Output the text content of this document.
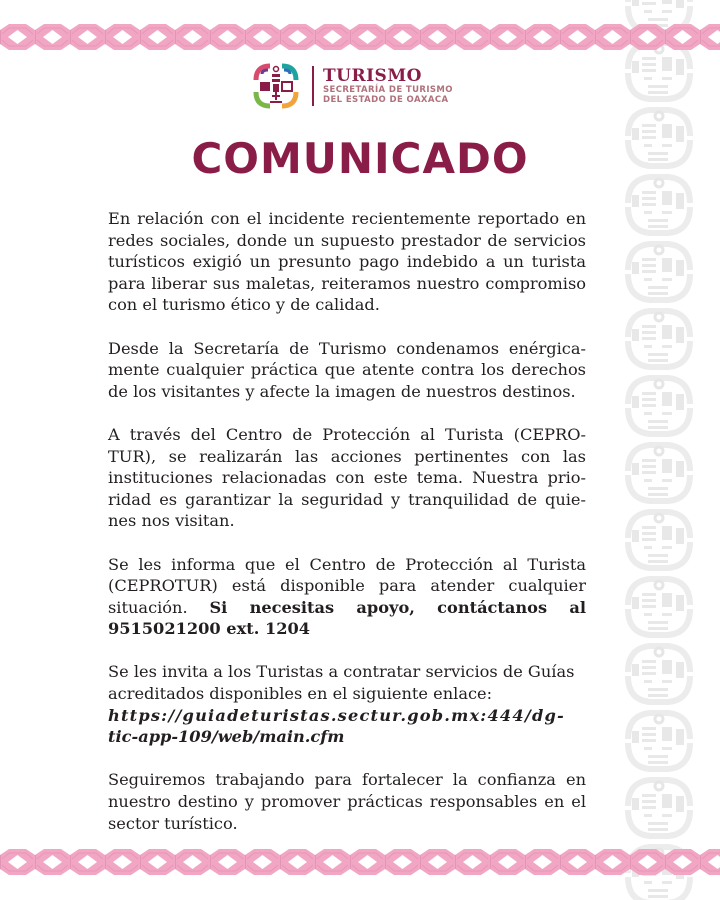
TURISMO
SECRETARÍA DE TURISMO
DEL ESTADO DE OAXACA
COMUNICADO

En relación con el incidente recientemente reportado en redes sociales, donde un supuesto prestador de servicios turísticos exigió un presunto pago indebido a un turista para liberar sus maletas, reiteramos nuestro compromiso con el turismo ético y de calidad.

Desde la Secretaría de Turismo condenamos enérgicamente cualquier práctica que atente contra los derechos de los visitantes y afecte la imagen de nuestros destinos.

A través del Centro de Protección al Turista (CEPROTUR), se realizarán las acciones pertinentes con las instituciones relacionadas con este tema. Nuestra prioridad es garantizar la seguridad y tranquilidad de quienes nos visitan.

Se les informa que el Centro de Protección al Turista (CEPROTUR) está disponible para atender cualquier situación. Si necesitas apoyo, contáctanos al 9515021200 ext. 1204

Se les invita a los Turistas a contratar servicios de Guías acreditados disponibles en el siguiente enlace: https://guiadeturistas.sectur.gob.mx:444/dg-
tic-app-109/web/main.cfm

Seguiremos trabajando para fortalecer la confianza en nuestro destino y promover prácticas responsables en el sector turístico.
